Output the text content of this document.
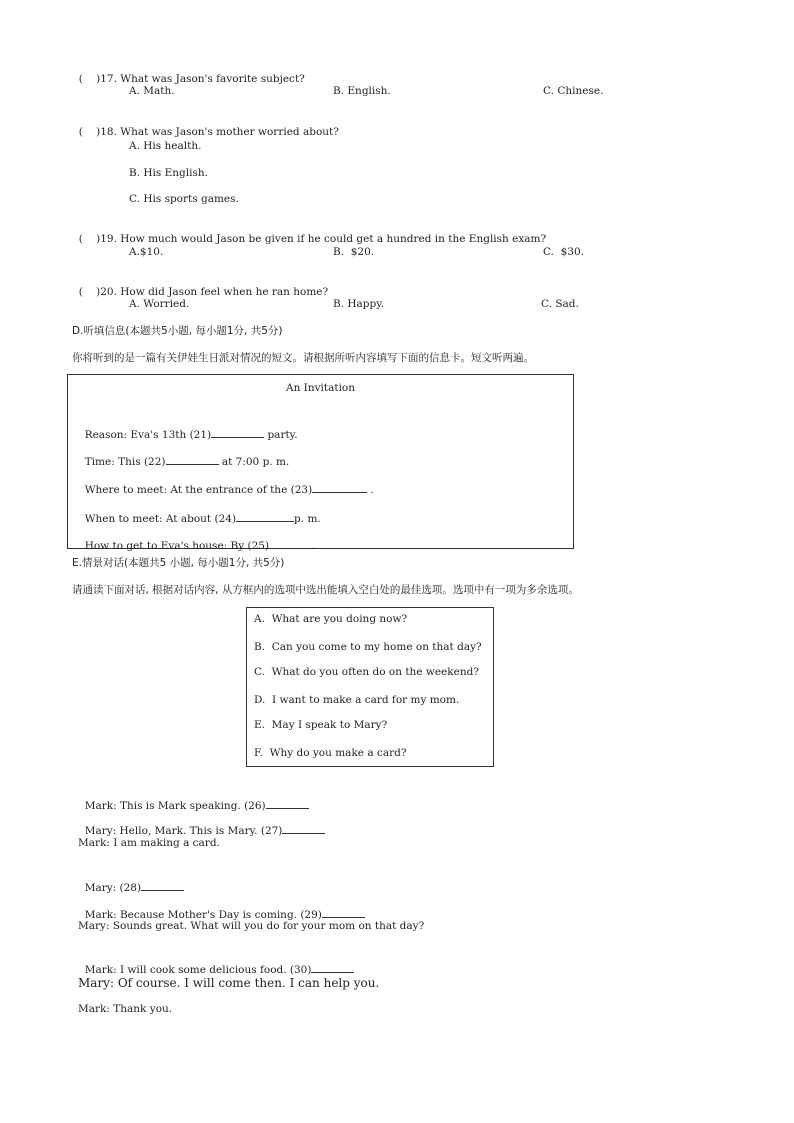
(    )17. What was Jason's favorite subject?

A. Math.	B. English.	C. Chinese.

(    )18. What was Jason's mother worried about?

A. His health.
B. His English.
C. His sports games.

(    )19. How much would Jason be given if he could get a hundred in the English exam?

A.$10.	B.  $20.	C.  $30.

(    )20. How did Jason feel when he ran home?

A. Worried.	B. Happy.	C. Sad.
D.听填信息(本题共5小题, 每小题1分, 共5分)
你将听到的是一篇有关伊娃生日派对情况的短文。请根据所听内容填写下面的信息卡。短文听两遍。
An Invitation

Reason: Eva's 13th (21)	party.

Time: This (22)	at 7:00 p. m.

Where to meet: At the entrance of the (23)	.

When to meet: At about (24)	p. m.

How to get to Eva's house: By (25)	.

E.情景对话(本题共5 小题, 每小题1分, 共5分)
请通读下面对话, 根据对话内容, 从方框内的选项中选出能填入空白处的最佳选项。选项中有一项为多余选项。
A.  What are you doing now?
B.  Can you come to my home on that day?
C.  What do you often do on the weekend?
D.  I want to make a card for my mom.
E.  May I speak to Mary?
F.  Why do you make a card?

Mark: This is Mark speaking. (26)

Mary: Hello, Mark. This is Mary. (27)

Mark: I am making a card.

Mary: (28)

Mark: Because Mother's Day is coming. (29)

Mary: Sounds great. What will you do for your mom on that day?

Mark: I will cook some delicious food. (30)

Mary: Of course. I will come then. I can help you.
Mark: Thank you.
